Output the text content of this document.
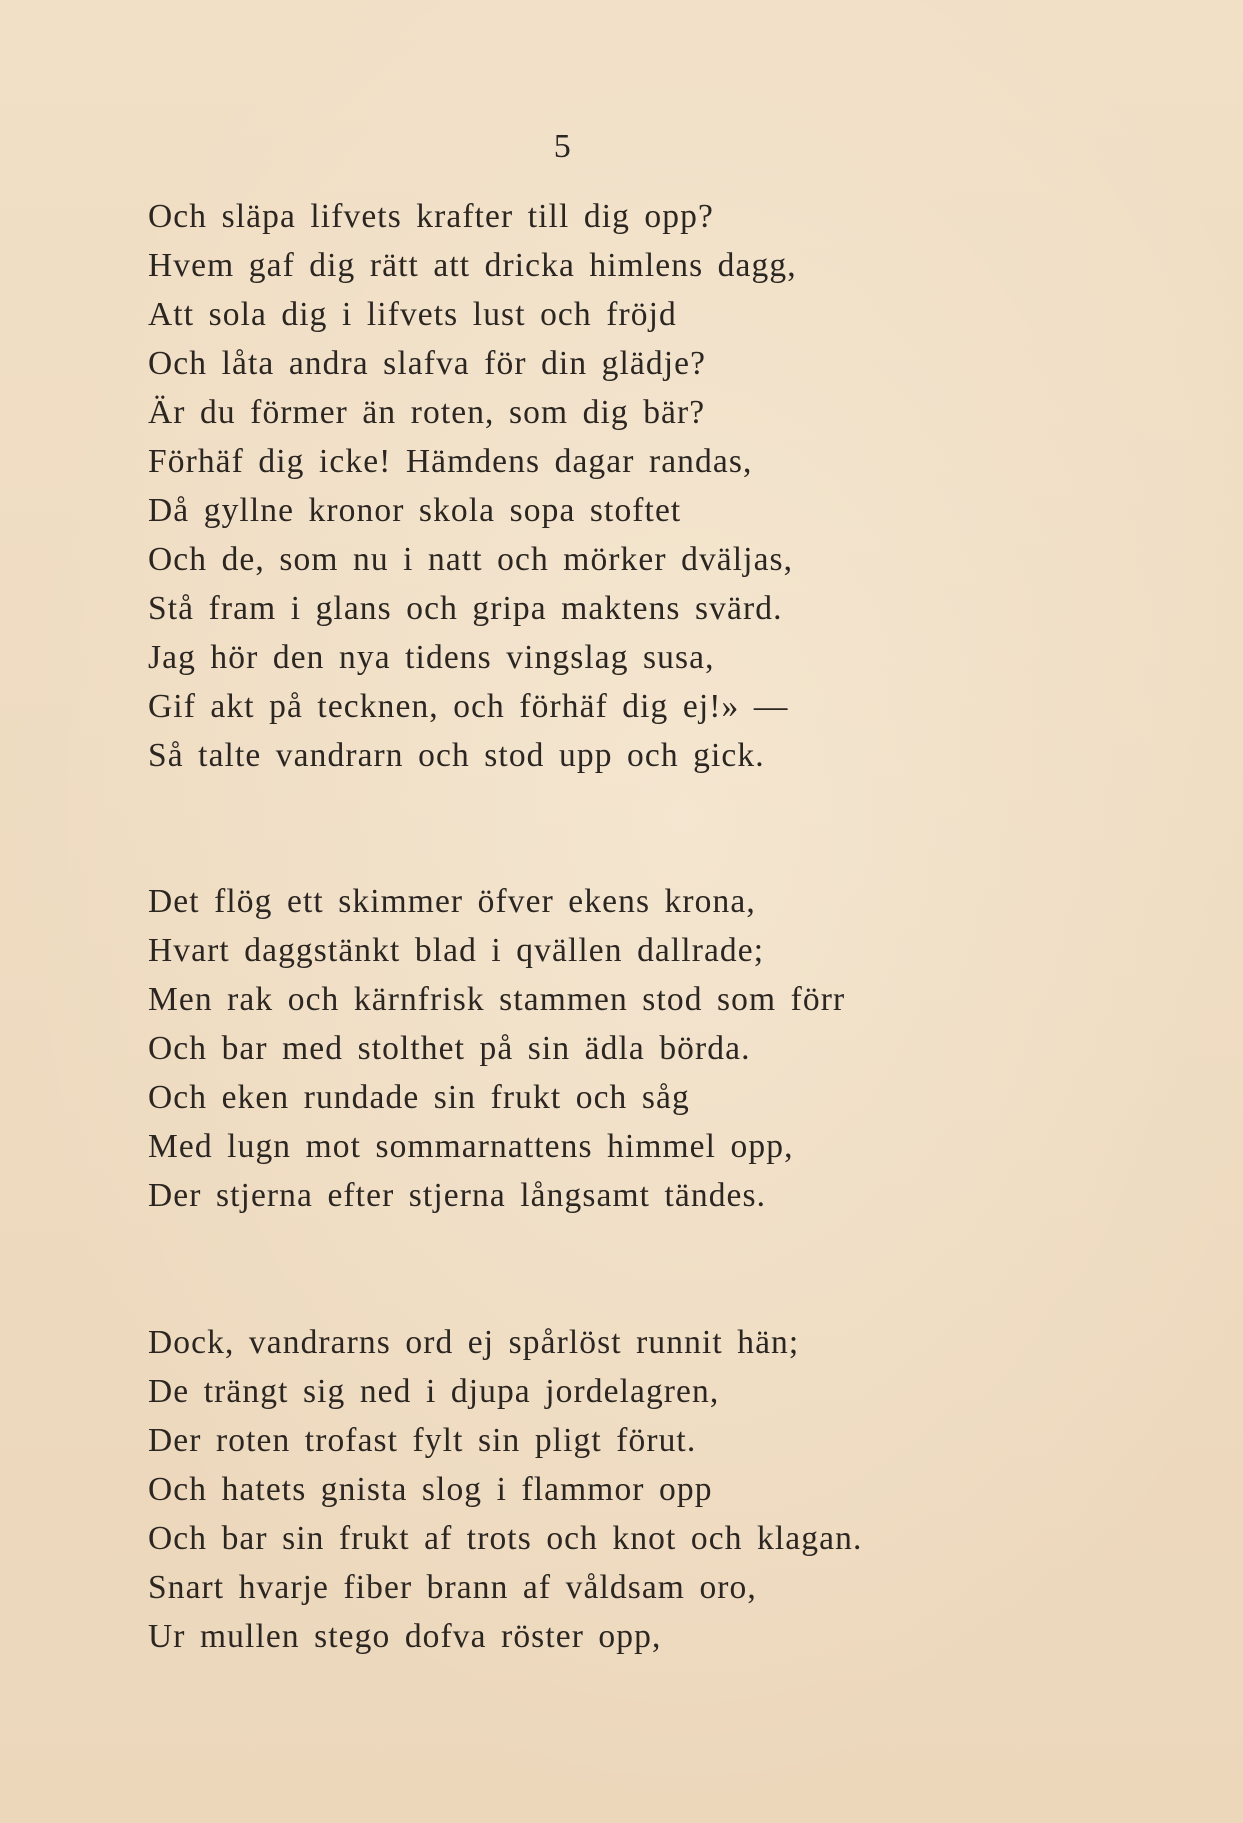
5
Och släpa lifvets krafter till dig opp?
Hvem gaf dig rätt att dricka himlens dagg,
Att sola dig i lifvets lust och fröjd
Och låta andra slafva för din glädje?
Är du förmer än roten, som dig bär?
Förhäf dig icke! Hämdens dagar randas,
Då gyllne kronor skola sopa stoftet
Och de, som nu i natt och mörker dväljas,
Stå fram i glans och gripa maktens svärd.
Jag hör den nya tidens vingslag susa,
Gif akt på tecknen, och förhäf dig ej!» —
Så talte vandrarn och stod upp och gick.
Det flög ett skimmer öfver ekens krona,
Hvart daggstänkt blad i qvällen dallrade;
Men rak och kärnfrisk stammen stod som förr
Och bar med stolthet på sin ädla börda.
Och eken rundade sin frukt och såg
Med lugn mot sommarnattens himmel opp,
Der stjerna efter stjerna långsamt tändes.
Dock, vandrarns ord ej spårlöst runnit hän;
De trängt sig ned i djupa jordelagren,
Der roten trofast fylt sin pligt förut.
Och hatets gnista slog i flammor opp
Och bar sin frukt af trots och knot och klagan.
Snart hvarje fiber brann af våldsam oro,
Ur mullen stego dofva röster opp,
